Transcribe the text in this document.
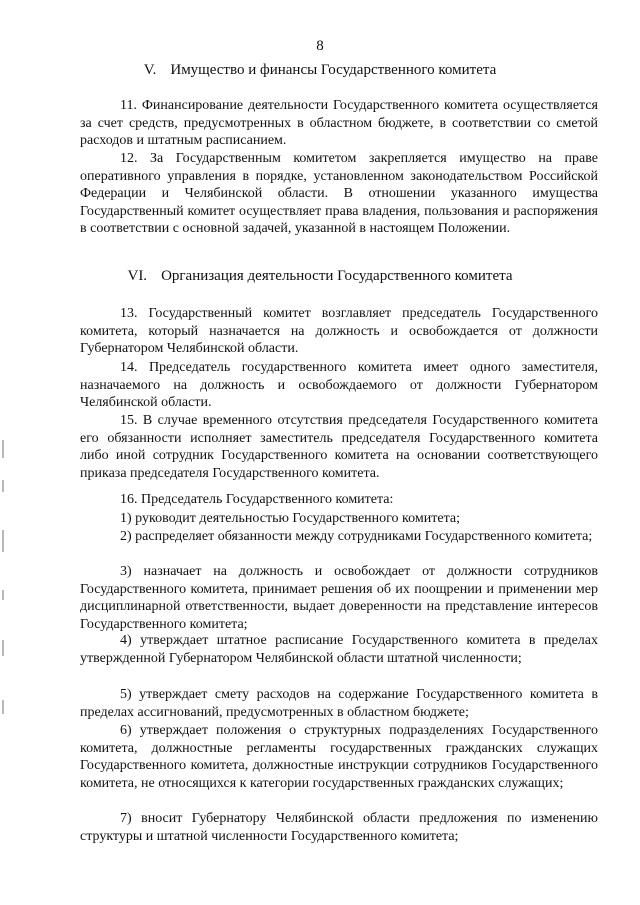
8
V. Имущество и финансы Государственного комитета
11. Финансирование деятельности Государственного комитета осуществляется за счет средств, предусмотренных в областном бюджете, в соответствии со сметой расходов и штатным расписанием.
12. За Государственным комитетом закрепляется имущество на праве оперативного управления в порядке, установленном законодательством Российской Федерации и Челябинской области. В отношении указанного имущества Государственный комитет осуществляет права владения, пользования и распоряжения в соответствии с основной задачей, указанной в настоящем Положении.
VI. Организация деятельности Государственного комитета
13. Государственный комитет возглавляет председатель Государственного комитета, который назначается на должность и освобождается от должности Губернатором Челябинской области.
14. Председатель государственного комитета имеет одного заместителя, назначаемого на должность и освобождаемого от должности Губернатором Челябинской области.
15. В случае временного отсутствия председателя Государственного комитета его обязанности исполняет заместитель председателя Государственного комитета либо иной сотрудник Государственного комитета на основании соответствующего приказа председателя Государственного комитета.
16. Председатель Государственного комитета:
1) руководит деятельностью Государственного комитета;
2) распределяет обязанности между сотрудниками Государственного комитета;
3) назначает на должность и освобождает от должности сотрудников Государственного комитета, принимает решения об их поощрении и применении мер дисциплинарной ответственности, выдает доверенности на представление интересов Государственного комитета;
4) утверждает штатное расписание Государственного комитета в пределах утвержденной Губернатором Челябинской области штатной численности;
5) утверждает смету расходов на содержание Государственного комитета в пределах ассигнований, предусмотренных в областном бюджете;
6) утверждает положения о структурных подразделениях Государственного комитета, должностные регламенты государственных гражданских служащих Государственного комитета, должностные инструкции сотрудников Государственного комитета, не относящихся к категории государственных гражданских служащих;
7) вносит Губернатору Челябинской области предложения по изменению структуры и штатной численности Государственного комитета;
